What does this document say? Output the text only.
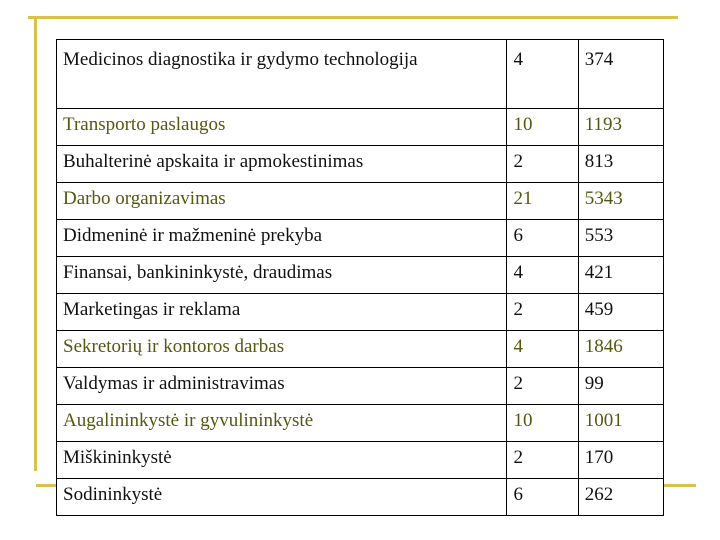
Medicinos diagnostika ir gydymo technologija	4	374
Transporto paslaugos	10	1193
Buhalterinė apskaita ir apmokestinimas	2	813
Darbo organizavimas	21	5343
Didmeninė ir mažmeninė prekyba	6	553
Finansai, bankininkystė, draudimas	4	421
Marketingas ir reklama	2	459
Sekretorių ir kontoros darbas	4	1846
Valdymas ir administravimas	2	99
Augalininkystė ir gyvulininkystė	10	1001
Miškininkystė	2	170
Sodininkystė	6	262
